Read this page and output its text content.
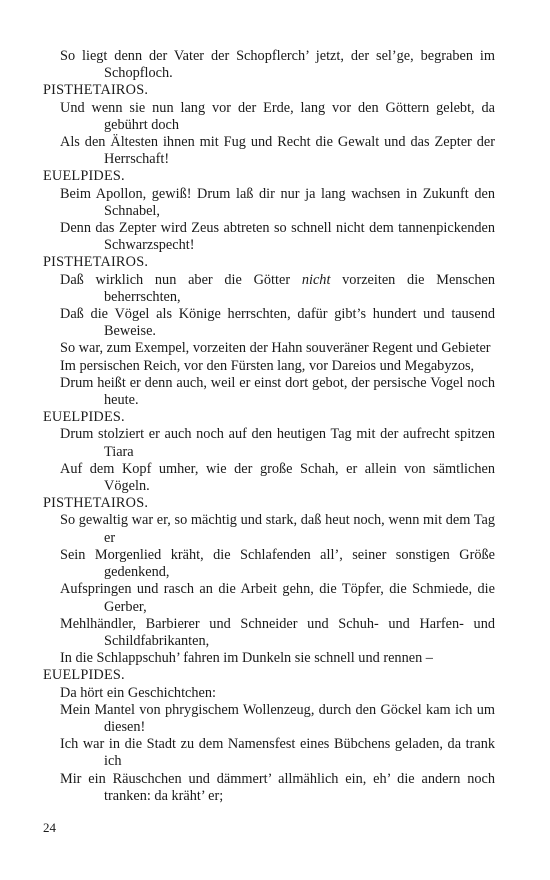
So liegt denn der Vater der Schopflerch’ jetzt, der sel’ge, begraben im Schopfloch.
PISTHETAIROS.
Und wenn sie nun lang vor der Erde, lang vor den Göttern gelebt, da gebührt doch
Als den Ältesten ihnen mit Fug und Recht die Gewalt und das Zepter der Herrschaft!
EUELPIDES.
Beim Apollon, gewiß! Drum laß dir nur ja lang wachsen in Zukunft den Schnabel,
Denn das Zepter wird Zeus abtreten so schnell nicht dem tannenpickenden Schwarzspecht!
PISTHETAIROS.
Daß wirklich nun aber die Götter nicht vorzeiten die Menschen beherrschten,
Daß die Vögel als Könige herrschten, dafür gibt’s hundert und tausend Beweise.
So war, zum Exempel, vorzeiten der Hahn souveräner Regent und Gebieter
Im persischen Reich, vor den Fürsten lang, vor Dareios und Megabyzos,
Drum heißt er denn auch, weil er einst dort gebot, der persische Vogel noch heute.
EUELPIDES.
Drum stolziert er auch noch auf den heutigen Tag mit der aufrecht spitzen Tiara
Auf dem Kopf umher, wie der große Schah, er allein von sämtlichen Vögeln.
PISTHETAIROS.
So gewaltig war er, so mächtig und stark, daß heut noch, wenn mit dem Tag er
Sein Morgenlied kräht, die Schlafenden all’, seiner sonstigen Größe gedenkend,
Aufspringen und rasch an die Arbeit gehn, die Töpfer, die Schmiede, die Gerber,
Mehlhändler, Barbierer und Schneider und Schuh- und Harfen- und Schildfabrikanten,
In die Schlappschuh’ fahren im Dunkeln sie schnell und rennen –
EUELPIDES.
Da hört ein Geschichtchen:
Mein Mantel von phrygischem Wollenzeug, durch den Göckel kam ich um diesen!
Ich war in die Stadt zu dem Namensfest eines Bübchens geladen, da trank ich
Mir ein Räuschchen und dämmert’ allmählich ein, eh’ die andern noch tranken: da kräht’ er;
24
